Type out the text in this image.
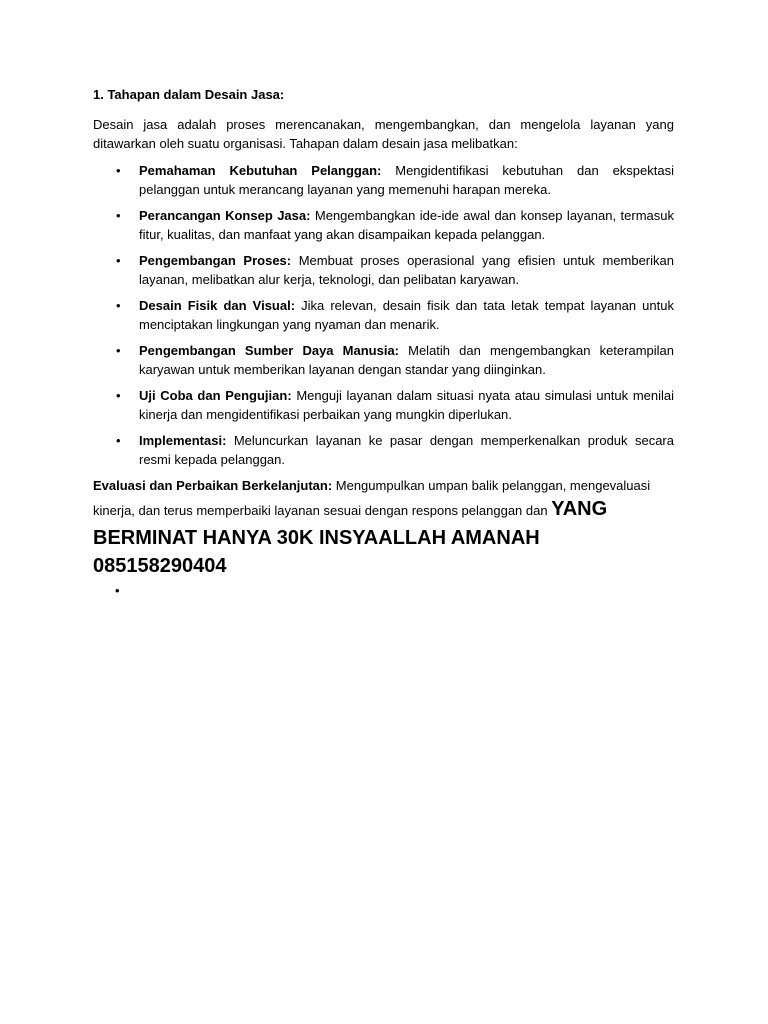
1. Tahapan dalam Desain Jasa:

Desain jasa adalah proses merencanakan, mengembangkan, dan mengelola layanan yang ditawarkan oleh suatu organisasi. Tahapan dalam desain jasa melibatkan:

• Pemahaman Kebutuhan Pelanggan: Mengidentifikasi kebutuhan dan ekspektasi pelanggan untuk merancang layanan yang memenuhi harapan mereka.
• Perancangan Konsep Jasa: Mengembangkan ide-ide awal dan konsep layanan, termasuk fitur, kualitas, dan manfaat yang akan disampaikan kepada pelanggan.
• Pengembangan Proses: Membuat proses operasional yang efisien untuk memberikan layanan, melibatkan alur kerja, teknologi, dan pelibatan karyawan.
• Desain Fisik dan Visual: Jika relevan, desain fisik dan tata letak tempat layanan untuk menciptakan lingkungan yang nyaman dan menarik.
• Pengembangan Sumber Daya Manusia: Melatih dan mengembangkan keterampilan karyawan untuk memberikan layanan dengan standar yang diinginkan.
• Uji Coba dan Pengujian: Menguji layanan dalam situasi nyata atau simulasi untuk menilai kinerja dan mengidentifikasi perbaikan yang mungkin diperlukan.
• Implementasi: Meluncurkan layanan ke pasar dengan memperkenalkan produk secara resmi kepada pelanggan.

Evaluasi dan Perbaikan Berkelanjutan: Mengumpulkan umpan balik pelanggan, mengevaluasi

kinerja, dan terus memperbaiki layanan sesuai dengan respons pelanggan dan YANG

BERMINAT HANYA 30K INSYAALLAH AMANAH
085158290404
•
